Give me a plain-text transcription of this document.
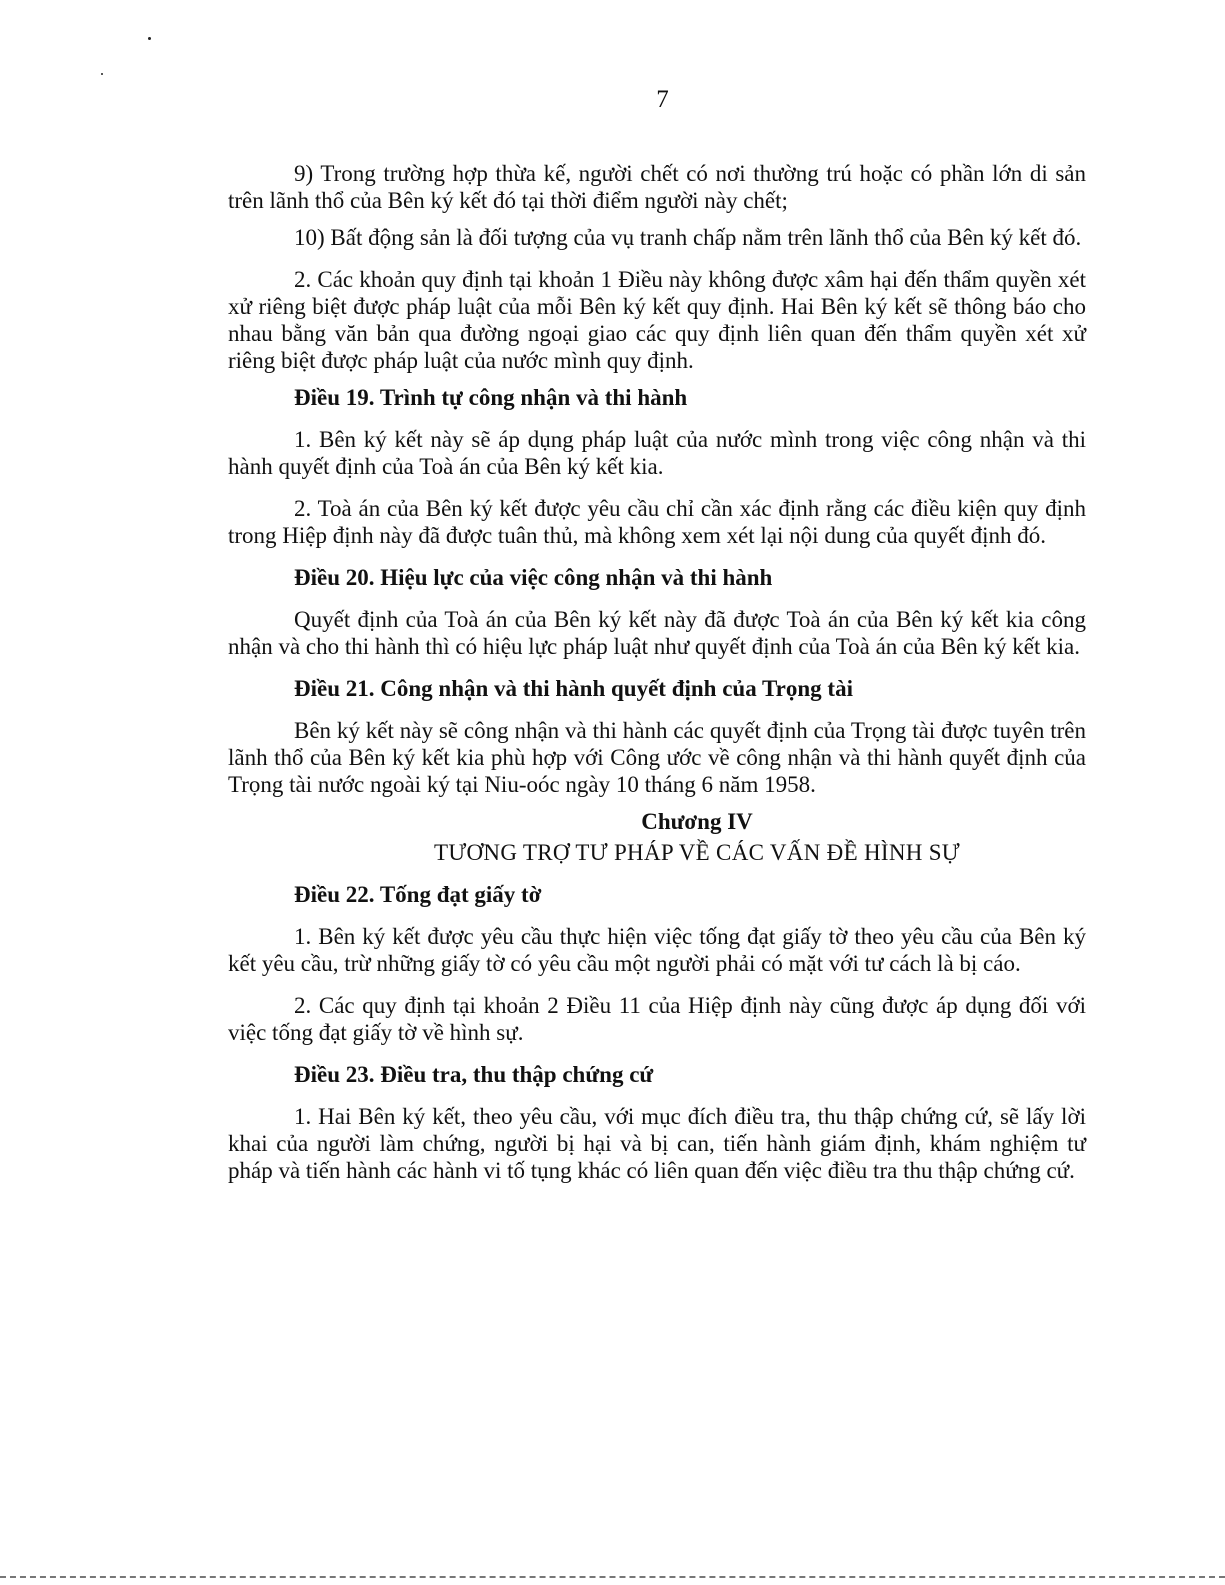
7

9) Trong trường hợp thừa kế, người chết có nơi thường trú hoặc có phần lớn di sản trên lãnh thổ của Bên ký kết đó tại thời điểm người này chết;

10) Bất động sản là đối tượng của vụ tranh chấp nằm trên lãnh thổ của Bên ký kết đó.

2. Các khoản quy định tại khoản 1 Điều này không được xâm hại đến thẩm quyền xét xử riêng biệt được pháp luật của mỗi Bên ký kết quy định. Hai Bên ký kết sẽ thông báo cho nhau bằng văn bản qua đường ngoại giao các quy định liên quan đến thẩm quyền xét xử riêng biệt được pháp luật của nước mình quy định.

Điều 19. Trình tự công nhận và thi hành

1. Bên ký kết này sẽ áp dụng pháp luật của nước mình trong việc công nhận và thi hành quyết định của Toà án của Bên ký kết kia.

2. Toà án của Bên ký kết được yêu cầu chỉ cần xác định rằng các điều kiện quy định trong Hiệp định này đã được tuân thủ, mà không xem xét lại nội dung của quyết định đó.

Điều 20. Hiệu lực của việc công nhận và thi hành

Quyết định của Toà án của Bên ký kết này đã được Toà án của Bên ký kết kia công nhận và cho thi hành thì có hiệu lực pháp luật như quyết định của Toà án của Bên ký kết kia.

Điều 21. Công nhận và thi hành quyết định của Trọng tài

Bên ký kết này sẽ công nhận và thi hành các quyết định của Trọng tài được tuyên trên lãnh thổ của Bên ký kết kia phù hợp với Công ước về công nhận và thi hành quyết định của Trọng tài nước ngoài ký tại Niu-oóc ngày 10 tháng 6 năm 1958.

Chương IV
TƯƠNG TRỢ TƯ PHÁP VỀ CÁC VẤN ĐỀ HÌNH SỰ
Điều 22. Tống đạt giấy tờ

1. Bên ký kết được yêu cầu thực hiện việc tống đạt giấy tờ theo yêu cầu của Bên ký kết yêu cầu, trừ những giấy tờ có yêu cầu một người phải có mặt với tư cách là bị cáo.

2. Các quy định tại khoản 2 Điều 11 của Hiệp định này cũng được áp dụng đối với việc tống đạt giấy tờ về hình sự.

Điều 23. Điều tra, thu thập chứng cứ

1. Hai Bên ký kết, theo yêu cầu, với mục đích điều tra, thu thập chứng cứ, sẽ lấy lời khai của người làm chứng, người bị hại và bị can, tiến hành giám định, khám nghiệm tư pháp và tiến hành các hành vi tố tụng khác có liên quan đến việc điều tra thu thập chứng cứ.
